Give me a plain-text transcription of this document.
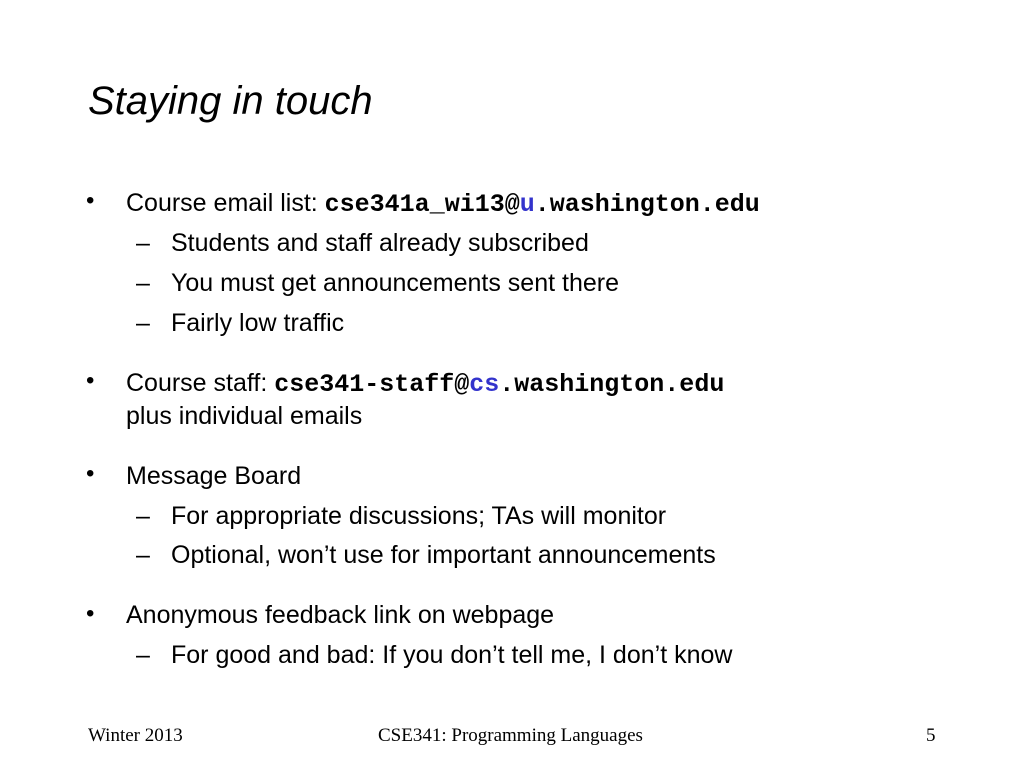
Staying in touch
• Course email list: cse341a_wi13@u.washington.edu
– Students and staff already subscribed
– You must get announcements sent there
– Fairly low traffic
• Course staff: cse341-staff@cs.washington.edu
plus individual emails
• Message Board
– For appropriate discussions; TAs will monitor
– Optional, won’t use for important announcements
• Anonymous feedback link on webpage
– For good and bad: If you don’t tell me, I don’t know
Winter 2013	CSE341: Programming Languages	5
